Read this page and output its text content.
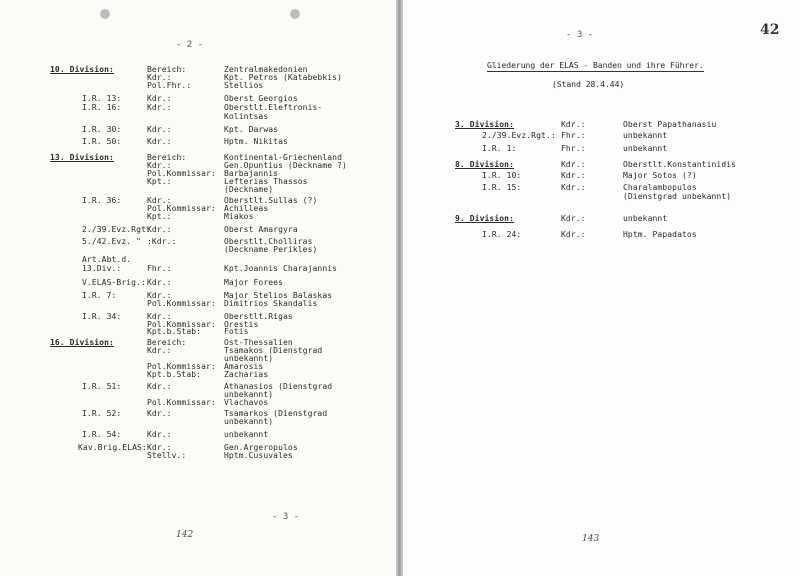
- 2 -
- 3 -
142
- 3 -	42
143
Gliederung der ELAS - Banden und ihre Führer.
(Stand 28.4.44)
10. Division:	Bereich:	Zentralmakedonien
Kdr.:	Kpt. Petros (Katabebkis)
Pol.Fhr.:	Stellios
I.R. 13:	Kdr.:	Oberst Georgios
I.R. 16:	Kdr.:	Oberstlt.Eleftronis-
Kolintsas
I.R. 30:	Kdr.:	Kpt. Darwas
I.R. 50:	Kdr.:	Hptm. Nikitas
13. Division:	Bereich:	Kontinental-Griechenland
Kdr.:	Gen.Opuntius (Deckname ?)
Pol.Kommissar: Barbajannis
Kpt.:	Lefterias Thassos
(Deckname)
I.R. 36:	Kdr.:	Oberstlt.Sullas (?)
Pol.Kommissar: Achilleas
Kpt.:	Miakos
2./39.Evz.Rgt:
Kdr.:	Oberst Amargyra
5./42.Evz. " :Kdr.:	Oberstlt.Cholliras
(Deckname Perikles)
Art.Abt.d.
13.Div.:	Fhr.:	Kpt.Joannis Charajannis
V.ELAS-Brig.: Kdr.:	Major Forees
I.R. 7:	Kdr.:	Major Stelios Balaskas
Pol.Kommissar: Dimitrios Skandalis
I.R. 34:	Kdr.:	Oberstlt.Rigas
Pol.Kommissar: Orestis
Kpt.b.Stab:	Fotis
16. Division:	Bereich:	Ost-Thessalien
Kdr.:	Tsamakos (Dienstgrad
unbekannt)
Pol.Kommissar: Amarosis
Kpt.b.Stab:	Zacharias
I.R. 51:	Kdr.:	Athanasios (Dienstgrad
unbekannt)
Pol.Kommissar: Vlachavos
I.R. 52:	Kdr.:	Tsamarkos (Dienstgrad
unbekannt)
I.R. 54:	Kdr.:	unbekannt
Kav.Brig.ELAS: Kdr.:	Gen.Argeropulos
Stellv.:	Hptm.Cusuvales
3. Division:	Kdr.:	Oberst Papathanasiu
2./39.Evz.Rgt.: Fhr.:	unbekannt
I.R. 1:	Fhr.:	unbekannt
8. Division:	Kdr.:	Oberstlt.Konstantinidis
I.R. 10:	Kdr.:	Major Sotos (?)
I.R. 15:	Kdr.:	Charalambopulos
(Dienstgrad unbekannt)
9. Division:	Kdr.:	unbekannt
I.R. 24:	Kdr.:	Hptm. Papadatos
